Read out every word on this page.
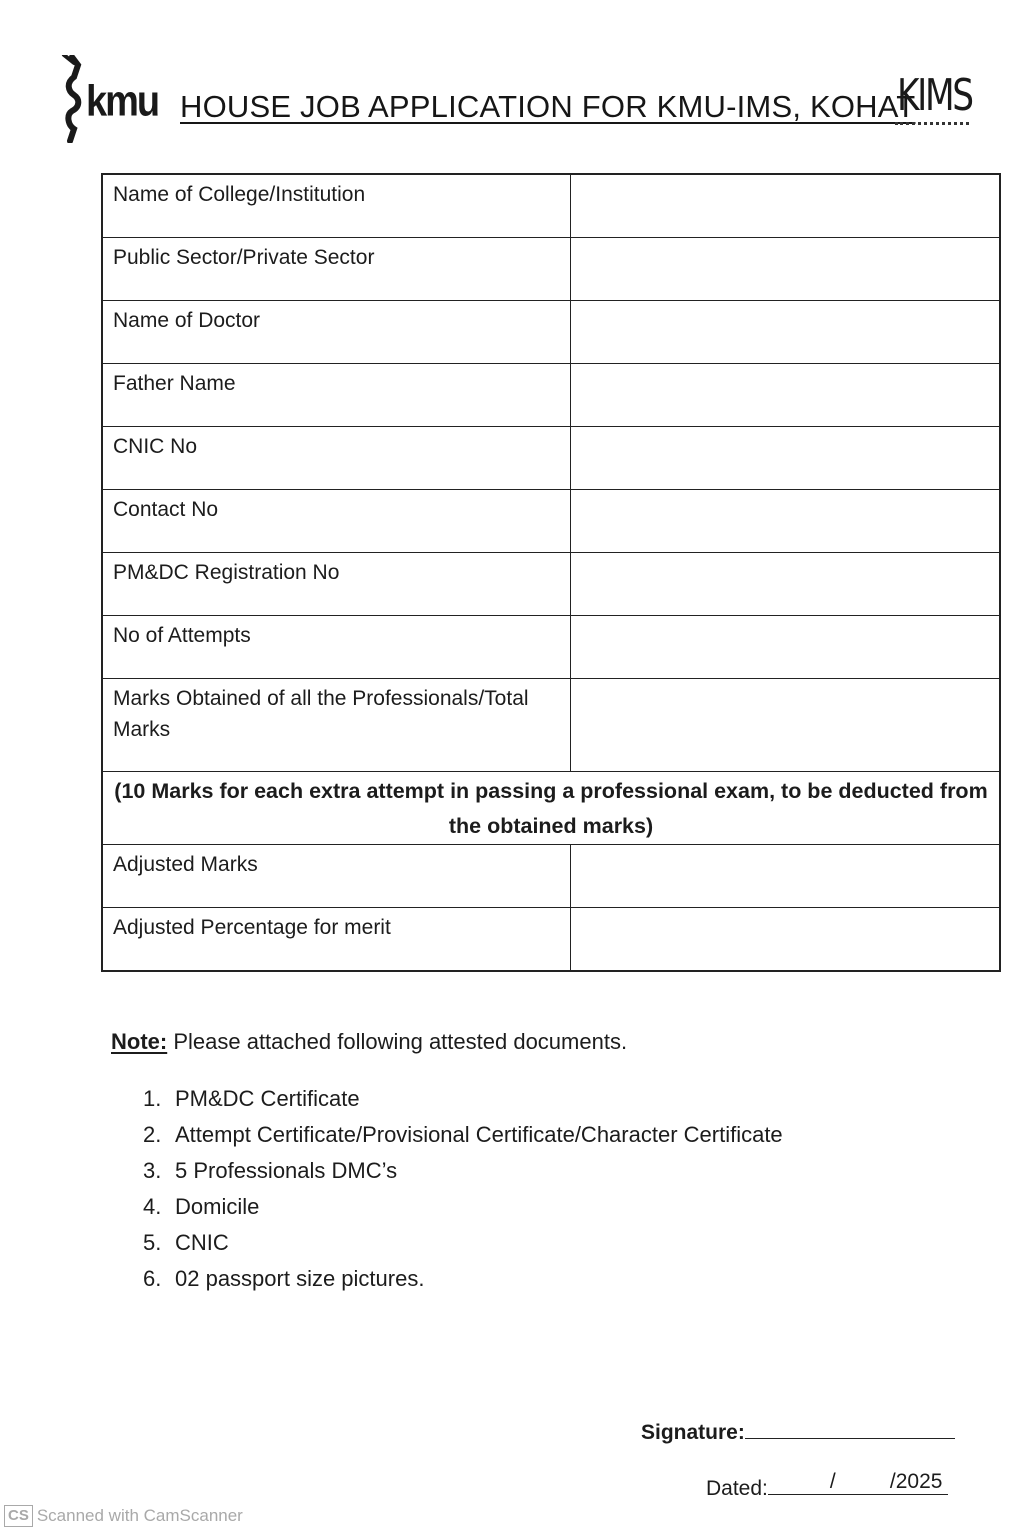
kmu HOUSE JOB APPLICATION FOR KMU-IMS, KOHAT
KIMS
Name of College/Institution	
Public Sector/Private Sector	
Name of Doctor	
Father Name	
CNIC No	
Contact No	
PM&DC Registration No	
No of Attempts	
Marks Obtained of all the Professionals/Total Marks	
(10 Marks for each extra attempt in passing a professional exam, to be deducted from the obtained marks)	
Adjusted Marks	
Adjusted Percentage for merit	
Note: Please attached following attested documents.
1. PM&DC Certificate
2. Attempt Certificate/Provisional Certificate/Character Certificate
3. 5 Professionals DMC’s
4. Domicile
5. CNIC
6. 02 passport size pictures.
Signature:
Dated:	/	/2025
CS Scanned with CamScanner
